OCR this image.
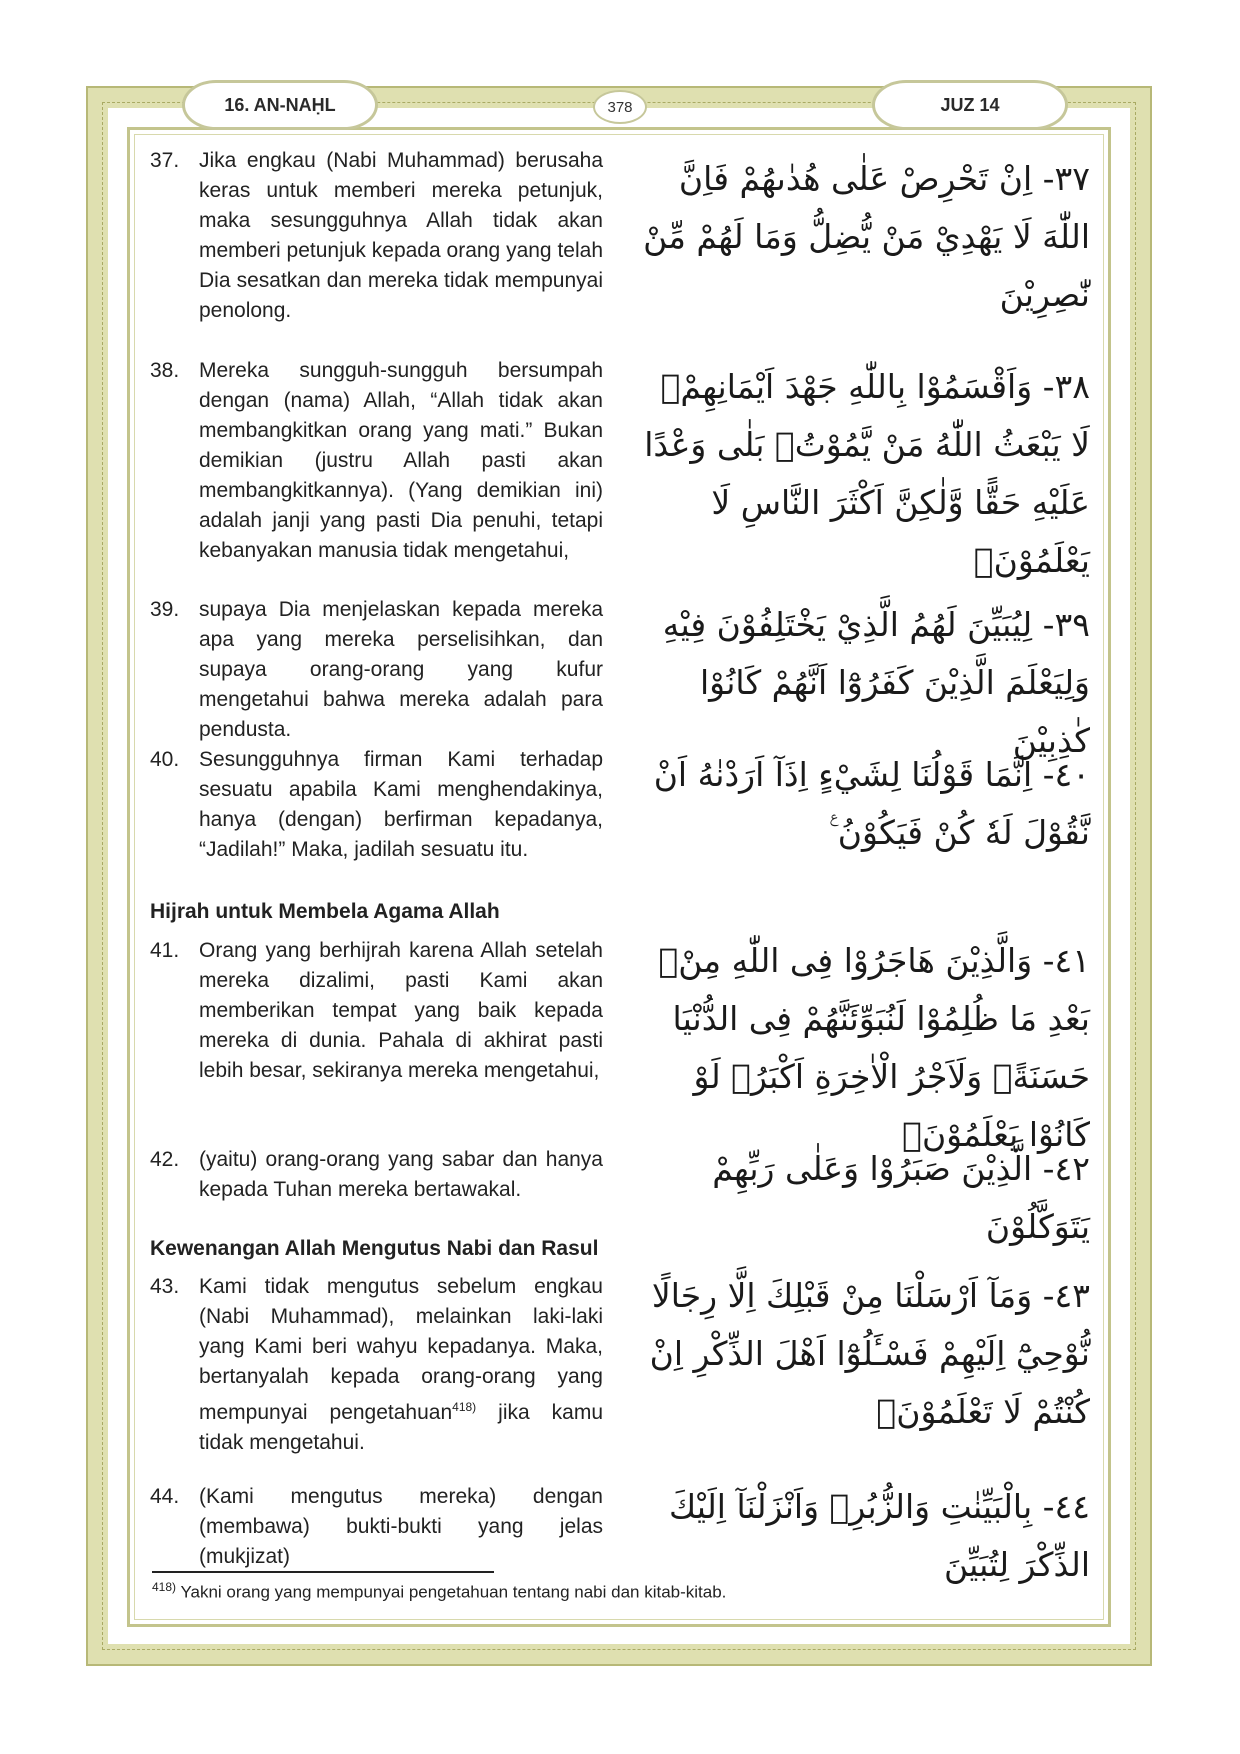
16. AN-NAḤL	378	JUZ 14
37. Jika engkau (Nabi Muhammad) berusaha keras untuk memberi mereka petunjuk, maka sesungguhnya Allah tidak akan memberi petunjuk kepada orang yang telah Dia sesatkan dan mereka tidak mempunyai penolong.
٣٧- اِنْ تَحْرِصْ عَلٰى هُدٰىهُمْ فَاِنَّ اللّٰهَ لَا يَهْدِيْ مَنْ يُّضِلُّ وَمَا لَهُمْ مِّنْ نّٰصِرِيْنَ
38. Mereka sungguh-sungguh bersumpah dengan (nama) Allah, “Allah tidak akan membangkitkan orang yang mati.” Bukan demikian (justru Allah pasti akan membangkitkannya). (Yang demikian ini) adalah janji yang pasti Dia penuhi, tetapi kebanyakan manusia tidak mengetahui,
٣٨- وَاَقْسَمُوْا بِاللّٰهِ جَهْدَ اَيْمَانِهِمْۙ لَا يَبْعَثُ اللّٰهُ مَنْ يَّمُوْتُۗ بَلٰى وَعْدًا عَلَيْهِ حَقًّا وَّلٰكِنَّ اَكْثَرَ النَّاسِ لَا يَعْلَمُوْنَۙ
39. supaya Dia menjelaskan kepada mereka apa yang mereka perselisihkan, dan supaya orang-orang yang kufur mengetahui bahwa mereka adalah para pendusta.
٣٩- لِيُبَيِّنَ لَهُمُ الَّذِيْ يَخْتَلِفُوْنَ فِيْهِ وَلِيَعْلَمَ الَّذِيْنَ كَفَرُوْٓا اَنَّهُمْ كَانُوْا كٰذِبِيْنَ
40. Sesungguhnya firman Kami terhadap sesuatu apabila Kami menghendakinya, hanya (dengan) berfirman kepadanya, “Jadilah!” Maka, jadilah sesuatu itu.
٤٠- اِنَّمَا قَوْلُنَا لِشَيْءٍ اِذَآ اَرَدْنٰهُ اَنْ نَّقُوْلَ لَهٗ كُنْ فَيَكُوْنُ ࣖ
Hijrah untuk Membela Agama Allah
41. Orang yang berhijrah karena Allah setelah mereka dizalimi, pasti Kami akan memberikan tempat yang baik kepada mereka di dunia. Pahala di akhirat pasti lebih besar, sekiranya mereka mengetahui,
٤١- وَالَّذِيْنَ هَاجَرُوْا فِى اللّٰهِ مِنْۢ بَعْدِ مَا ظُلِمُوْا لَنُبَوِّئَنَّهُمْ فِى الدُّنْيَا حَسَنَةًۗ وَلَاَجْرُ الْاٰخِرَةِ اَكْبَرُۘ لَوْ كَانُوْا يَعْلَمُوْنَۙ
42. (yaitu) orang-orang yang sabar dan hanya kepada Tuhan mereka bertawakal.
٤٢- الَّذِيْنَ صَبَرُوْا وَعَلٰى رَبِّهِمْ يَتَوَكَّلُوْنَ
Kewenangan Allah Mengutus Nabi dan Rasul
43. Kami tidak mengutus sebelum engkau (Nabi Muhammad), melainkan laki-laki yang Kami beri wahyu kepadanya. Maka, bertanyalah kepada orang-orang yang mempunyai pengetahuan$^{418)}$ jika kamu tidak mengetahui.
٤٣- وَمَآ اَرْسَلْنَا مِنْ قَبْلِكَ اِلَّا رِجَالًا نُّوْحِيْٓ اِلَيْهِمْ فَسْـَٔلُوْٓا اَهْلَ الذِّكْرِ اِنْ كُنْتُمْ لَا تَعْلَمُوْنَۙ
44. (Kami mengutus mereka) dengan (membawa) bukti-bukti yang jelas (mukjizat)
٤٤- بِالْبَيِّنٰتِ وَالزُّبُرِۗ وَاَنْزَلْنَآ اِلَيْكَ الذِّكْرَ لِتُبَيِّنَ
$^{418)}$ Yakni orang yang mempunyai pengetahuan tentang nabi dan kitab-kitab.
